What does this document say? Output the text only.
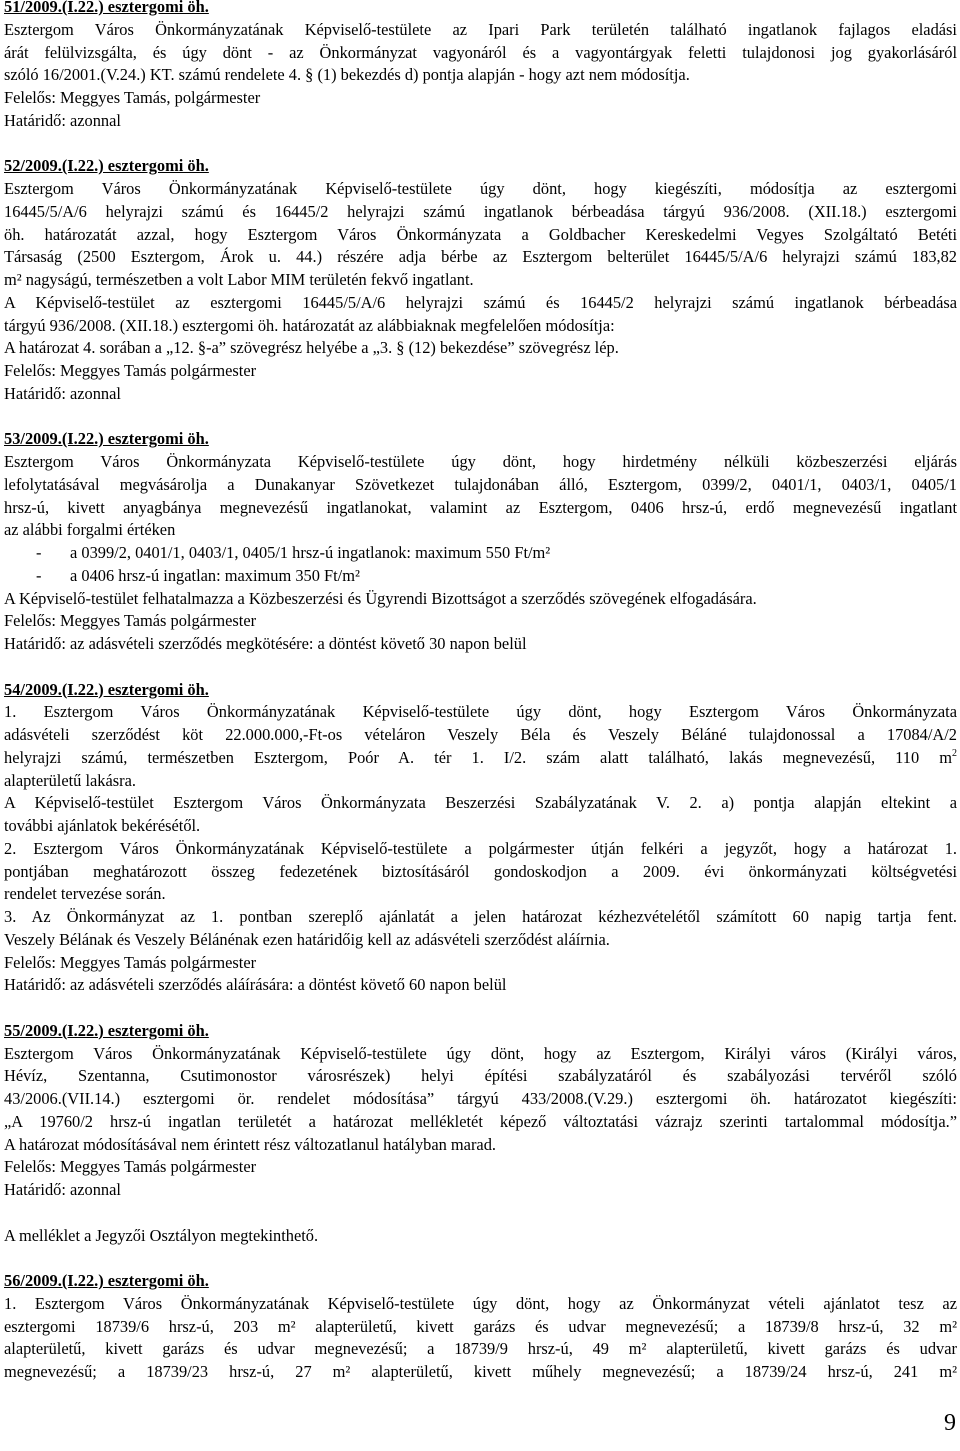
51/2009.(I.22.) esztergomi öh.
Esztergom Város Önkormányzatának Képviselő-testülete az Ipari Park területén található ingatlanok fajlagos eladási
árát felülvizsgálta, és úgy dönt - az Önkormányzat vagyonáról és a vagyontárgyak feletti tulajdonosi jog gyakorlásáról
szóló 16/2001.(V.24.) KT. számú rendelete 4. § (1) bekezdés d) pontja alapján - hogy azt nem módosítja.
Felelős: Meggyes Tamás, polgármester
Határidő: azonnal
52/2009.(I.22.) esztergomi öh.
Esztergom Város Önkormányzatának Képviselő-testülete úgy dönt, hogy kiegészíti, módosítja az esztergomi
16445/5/A/6 helyrajzi számú és 16445/2 helyrajzi számú ingatlanok bérbeadása tárgyú 936/2008. (XII.18.) esztergomi
öh. határozatát azzal, hogy Esztergom Város Önkormányzata a Goldbacher Kereskedelmi Vegyes Szolgáltató Betéti
Társaság (2500 Esztergom, Árok u. 44.) részére adja bérbe az Esztergom belterület 16445/5/A/6 helyrajzi számú 183,82
m² nagyságú, természetben a volt Labor MIM területén fekvő ingatlant.
A Képviselő-testület az esztergomi 16445/5/A/6 helyrajzi számú és 16445/2 helyrajzi számú ingatlanok bérbeadása
tárgyú 936/2008. (XII.18.) esztergomi öh. határozatát az alábbiaknak megfelelően módosítja:
A határozat 4. sorában a „12. §-a” szövegrész helyébe a „3. § (12) bekezdése” szövegrész lép.
Felelős: Meggyes Tamás polgármester
Határidő: azonnal
53/2009.(I.22.) esztergomi öh.
Esztergom Város Önkormányzata Képviselő-testülete úgy dönt, hogy hirdetmény nélküli közbeszerzési eljárás
lefolytatásával megvásárolja a Dunakanyar Szövetkezet tulajdonában álló, Esztergom, 0399/2, 0401/1, 0403/1, 0405/1
hrsz-ú, kivett anyagbánya megnevezésű ingatlanokat, valamint az Esztergom, 0406 hrsz-ú, erdő megnevezésű ingatlant
az alábbi forgalmi értéken
- a 0399/2, 0401/1, 0403/1, 0405/1 hrsz-ú ingatlanok: maximum 550 Ft/m²
- a 0406 hrsz-ú ingatlan: maximum 350 Ft/m²
A Képviselő-testület felhatalmazza a Közbeszerzési és Ügyrendi Bizottságot a szerződés szövegének elfogadására.
Felelős: Meggyes Tamás polgármester
Határidő: az adásvételi szerződés megkötésére: a döntést követő 30 napon belül
54/2009.(I.22.) esztergomi öh.
1. Esztergom Város Önkormányzatának Képviselő-testülete úgy dönt, hogy Esztergom Város Önkormányzata
adásvételi szerződést köt 22.000.000,-Ft-os vételáron Veszely Béla és Veszely Béláné tulajdonossal a 17084/A/2
helyrajzi számú, természetben Esztergom, Poór A. tér 1. I/2. szám alatt található, lakás megnevezésű, 110 $m^2$
alapterületű lakásra.
A Képviselő-testület Esztergom Város Önkormányzata Beszerzési Szabályzatának V. 2. a) pontja alapján eltekint a
további ajánlatok bekérésétől.
2. Esztergom Város Önkormányzatának Képviselő-testülete a polgármester útján felkéri a jegyzőt, hogy a határozat 1.
pontjában meghatározott összeg fedezetének biztosításáról gondoskodjon a 2009. évi önkormányzati költségvetési
rendelet tervezése során.
3. Az Önkormányzat az 1. pontban szereplő ajánlatát a jelen határozat kézhezvételétől számított 60 napig tartja fent.
Veszely Bélának és Veszely Bélánénak ezen határidőig kell az adásvételi szerződést aláírnia.
Felelős: Meggyes Tamás polgármester
Határidő: az adásvételi szerződés aláírására: a döntést követő 60 napon belül
55/2009.(I.22.) esztergomi öh.
Esztergom Város Önkormányzatának Képviselő-testülete úgy dönt, hogy az Esztergom, Királyi város (Királyi város,
Hévíz, Szentanna, Csutimonostor városrészek) helyi építési szabályzatáról és szabályozási tervéről szóló
43/2006.(VII.14.) esztergomi ör. rendelet módosítása” tárgyú 433/2008.(V.29.) esztergomi öh. határozatot kiegészíti:
„A 19760/2 hrsz-ú ingatlan területét a határozat mellékletét képező változtatási vázrajz szerinti tartalommal módosítja.”
A határozat módosításával nem érintett rész változatlanul hatályban marad.
Felelős: Meggyes Tamás polgármester
Határidő: azonnal
A melléklet a Jegyzői Osztályon megtekinthető.
56/2009.(I.22.) esztergomi öh.
1. Esztergom Város Önkormányzatának Képviselő-testülete úgy dönt, hogy az Önkormányzat vételi ajánlatot tesz az
esztergomi 18739/6 hrsz-ú, 203 m² alapterületű, kivett garázs és udvar megnevezésű; a 18739/8 hrsz-ú, 32 m²
alapterületű, kivett garázs és udvar megnevezésű; a 18739/9 hrsz-ú, 49 m² alapterületű, kivett garázs és udvar
megnevezésű; a 18739/23 hrsz-ú, 27 m² alapterületű, kivett műhely megnevezésű; a 18739/24 hrsz-ú, 241 m²
9
